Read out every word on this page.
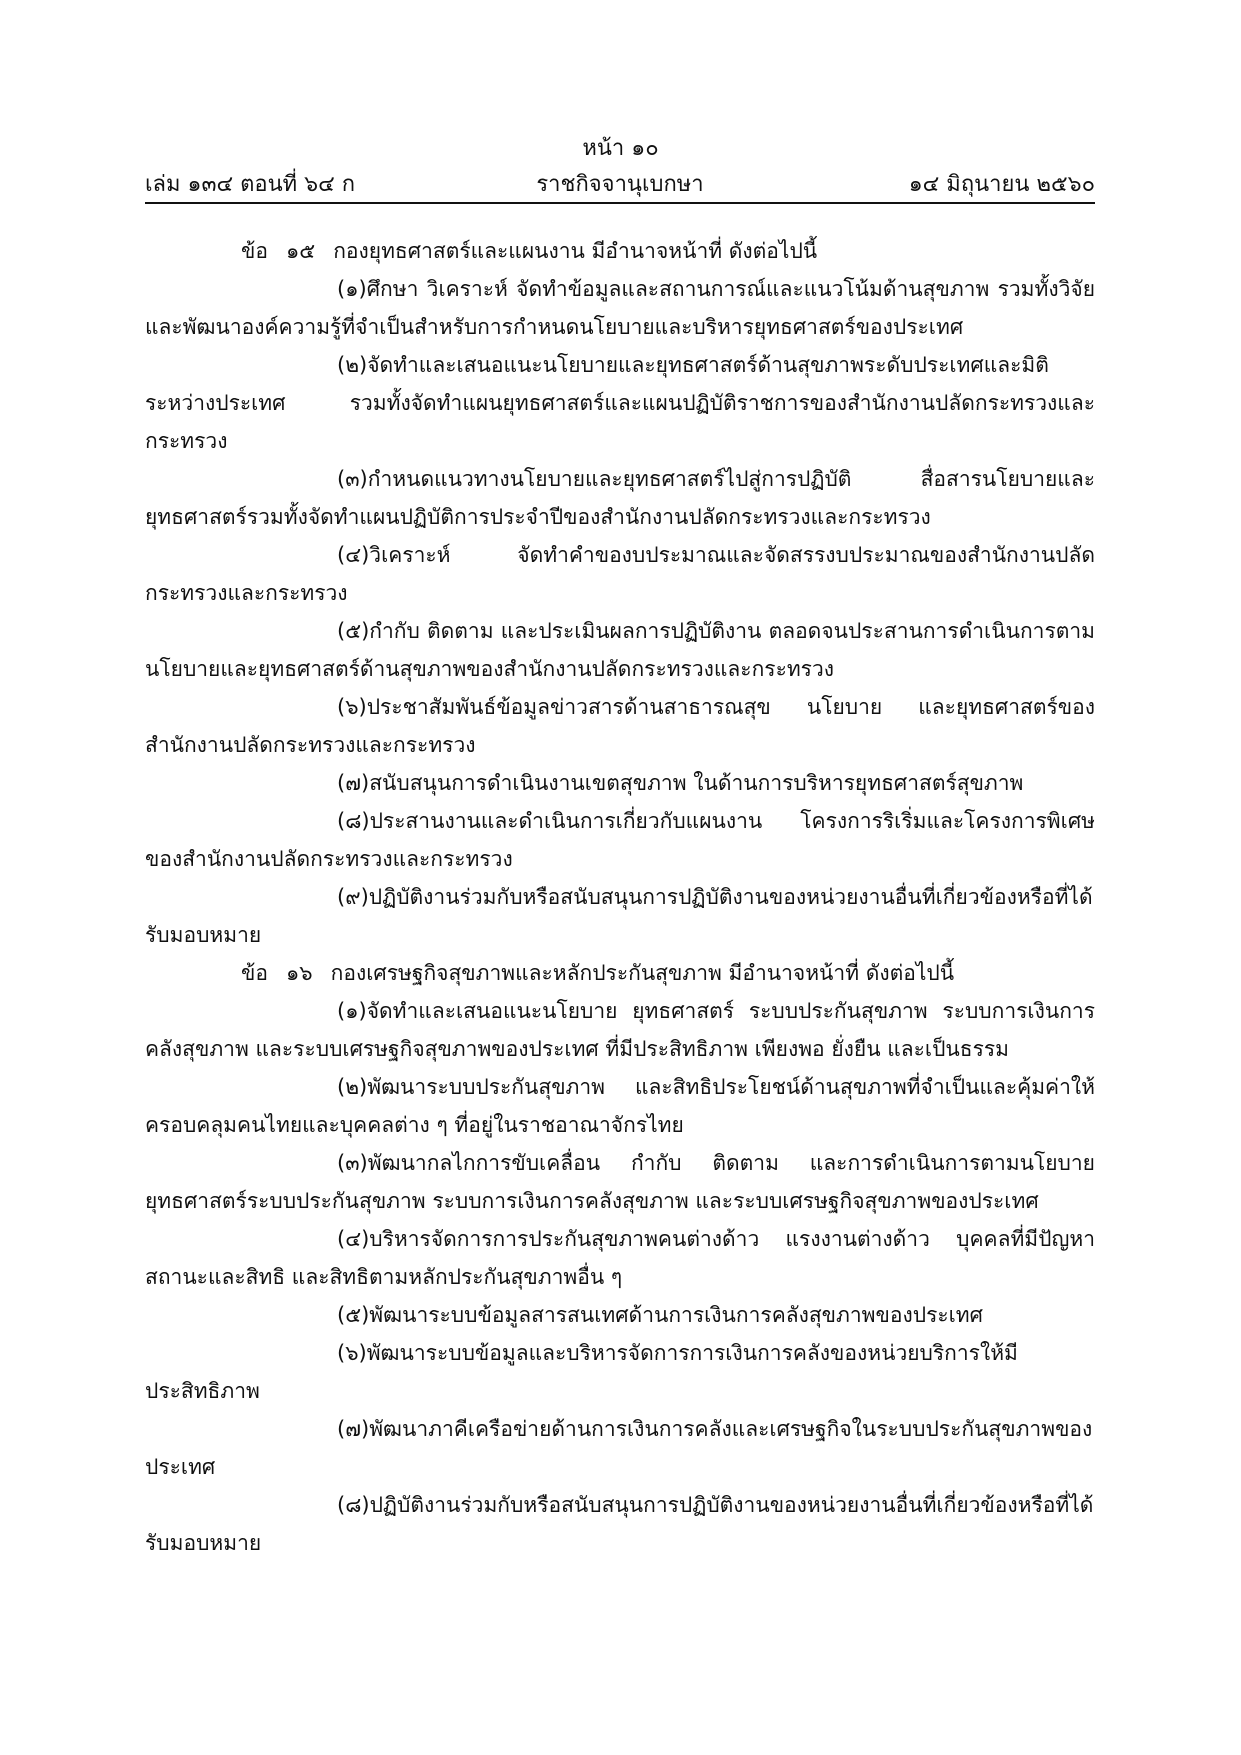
หน้า ๑๐
เล่ม ๑๓๔ ตอนที่ ๖๔ ก	ราชกิจจานุเบกษา	๑๔ มิถุนายน ๒๕๖๐

ข้อ ๑๕ กองยุทธศาสตร์และแผนงาน มีอำนาจหน้าที่ ดังต่อไปนี้

(๑)ศึกษา วิเคราะห์ จัดทำข้อมูลและสถานการณ์และแนวโน้มด้านสุขภาพ รวมทั้งวิจัยและพัฒนาองค์ความรู้ที่จำเป็นสำหรับการกำหนดนโยบายและบริหารยุทธศาสตร์ของประเทศ

(๒)จัดทำและเสนอแนะนโยบายและยุทธศาสตร์ด้านสุขภาพระดับประเทศและมิติระหว่างประเทศ รวมทั้งจัดทำแผนยุทธศาสตร์และแผนปฏิบัติราชการของสำนักงานปลัดกระทรวงและกระทรวง

(๓)กำหนดแนวทางนโยบายและยุทธศาสตร์ไปสู่การปฏิบัติ สื่อสารนโยบายและยุทธศาสตร์รวมทั้งจัดทำแผนปฏิบัติการประจำปีของสำนักงานปลัดกระทรวงและกระทรวง

(๔)วิเคราะห์ จัดทำคำของบประมาณและจัดสรรงบประมาณของสำนักงานปลัดกระทรวงและกระทรวง

(๕)กำกับ ติดตาม และประเมินผลการปฏิบัติงาน ตลอดจนประสานการดำเนินการตามนโยบายและยุทธศาสตร์ด้านสุขภาพของสำนักงานปลัดกระทรวงและกระทรวง

(๖)ประชาสัมพันธ์ข้อมูลข่าวสารด้านสาธารณสุข นโยบาย และยุทธศาสตร์ของสำนักงานปลัดกระทรวงและกระทรวง

(๗)สนับสนุนการดำเนินงานเขตสุขภาพ ในด้านการบริหารยุทธศาสตร์สุขภาพ

(๘)ประสานงานและดำเนินการเกี่ยวกับแผนงาน โครงการริเริ่มและโครงการพิเศษของสำนักงานปลัดกระทรวงและกระทรวง

(๙)ปฏิบัติงานร่วมกับหรือสนับสนุนการปฏิบัติงานของหน่วยงานอื่นที่เกี่ยวข้องหรือที่ได้รับมอบหมาย

ข้อ ๑๖ กองเศรษฐกิจสุขภาพและหลักประกันสุขภาพ มีอำนาจหน้าที่ ดังต่อไปนี้

(๑)จัดทำและเสนอแนะนโยบาย ยุทธศาสตร์ ระบบประกันสุขภาพ ระบบการเงินการคลังสุขภาพ และระบบเศรษฐกิจสุขภาพของประเทศ ที่มีประสิทธิภาพ เพียงพอ ยั่งยืน และเป็นธรรม

(๒)พัฒนาระบบประกันสุขภาพ และสิทธิประโยชน์ด้านสุขภาพที่จำเป็นและคุ้มค่าให้ครอบคลุมคนไทยและบุคคลต่าง ๆ ที่อยู่ในราชอาณาจักรไทย

(๓)พัฒนากลไกการขับเคลื่อน กำกับ ติดตาม และการดำเนินการตามนโยบายยุทธศาสตร์ระบบประกันสุขภาพ ระบบการเงินการคลังสุขภาพ และระบบเศรษฐกิจสุขภาพของประเทศ

(๔)บริหารจัดการการประกันสุขภาพคนต่างด้าว แรงงานต่างด้าว บุคคลที่มีปัญหาสถานะและสิทธิ และสิทธิตามหลักประกันสุขภาพอื่น ๆ

(๕)พัฒนาระบบข้อมูลสารสนเทศด้านการเงินการคลังสุขภาพของประเทศ

(๖)พัฒนาระบบข้อมูลและบริหารจัดการการเงินการคลังของหน่วยบริการให้มีประสิทธิภาพ

(๗)พัฒนาภาคีเครือข่ายด้านการเงินการคลังและเศรษฐกิจในระบบประกันสุขภาพของประเทศ

(๘)ปฏิบัติงานร่วมกับหรือสนับสนุนการปฏิบัติงานของหน่วยงานอื่นที่เกี่ยวข้องหรือที่ได้รับมอบหมาย
